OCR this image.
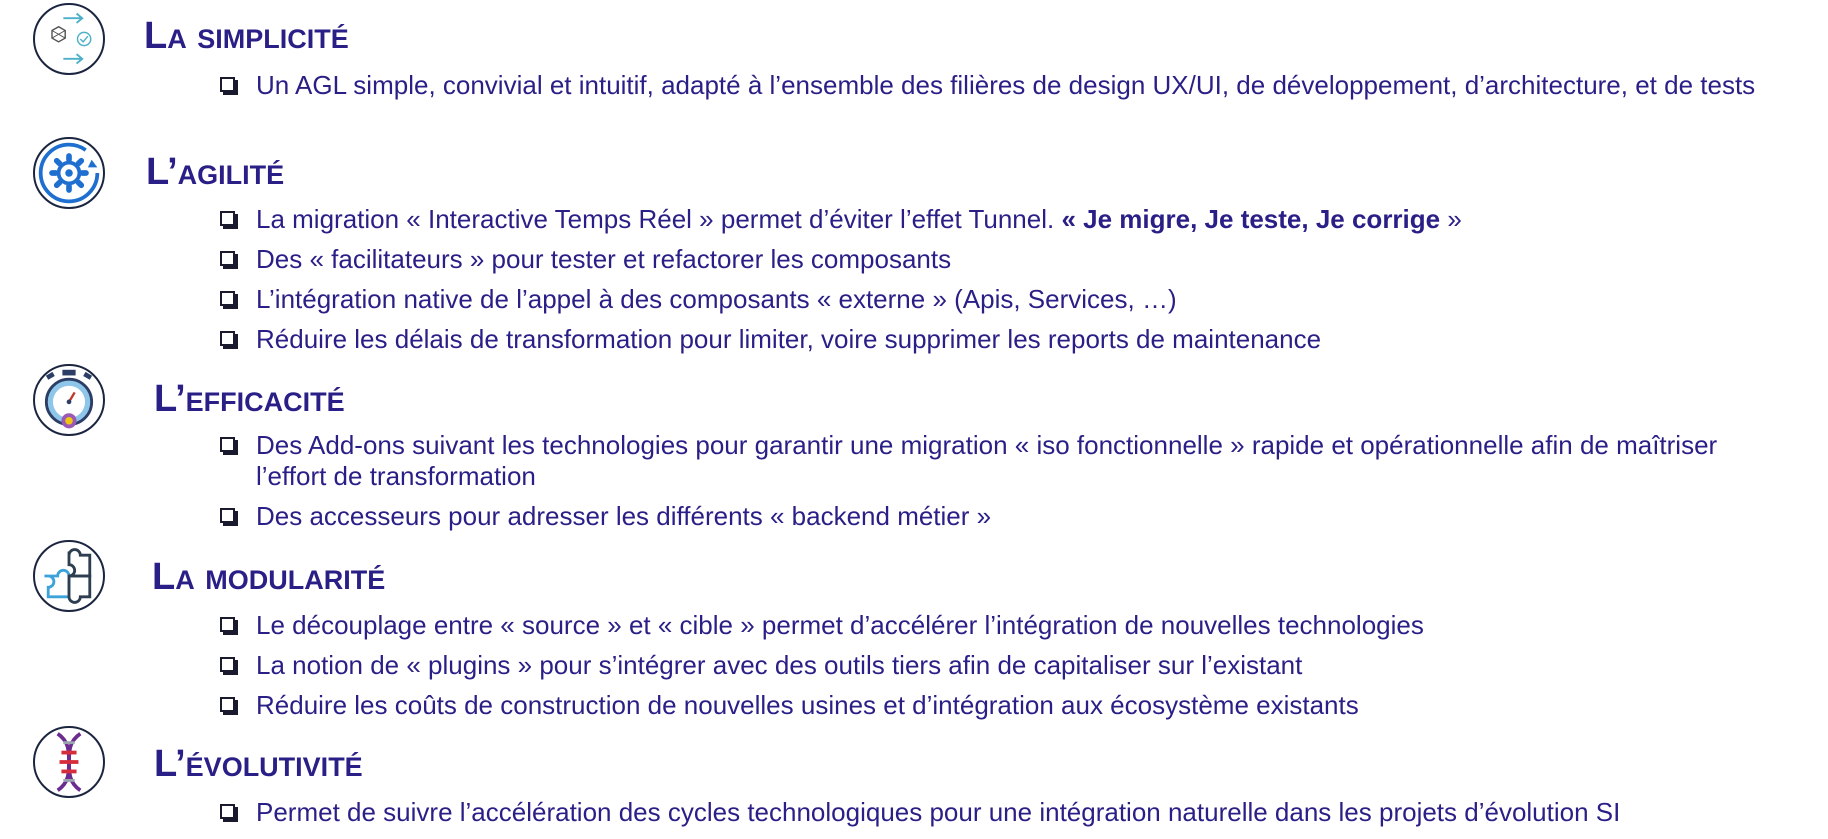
La simplicité
Un AGL simple, convivial et intuitif, adapté à l’ensemble des filières de design UX/UI, de développement, d’architecture, et de tests
L’agilité
La migration « Interactive Temps Réel » permet d’éviter l’effet Tunnel. « Je migre, Je teste, Je corrige »
Des « facilitateurs » pour tester et refactorer les composants
L’intégration native de l’appel à des composants « externe » (Apis, Services, …)
Réduire les délais de transformation pour limiter, voire supprimer les reports de maintenance
L’efficacité
Des Add-ons suivant les technologies pour garantir une migration « iso fonctionnelle » rapide et opérationnelle afin de maîtriser l’effort de transformation
Des accesseurs pour adresser les différents « backend métier »
La modularité
Le découplage entre « source » et « cible » permet d’accélérer l’intégration de nouvelles technologies
La notion de « plugins » pour s’intégrer avec des outils tiers afin de capitaliser sur l’existant
Réduire les coûts de construction de nouvelles usines et d’intégration aux écosystème existants
L’évolutivité
Permet de suivre l’accélération des cycles technologiques pour une intégration naturelle dans les projets d’évolution SI
